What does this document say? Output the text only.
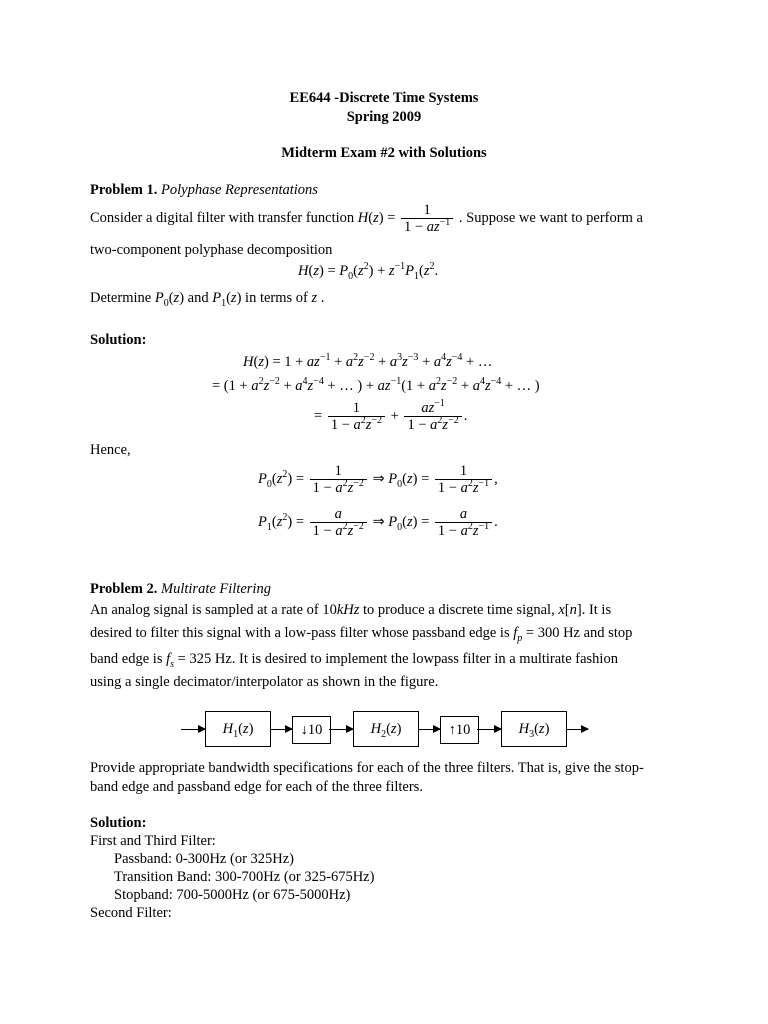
EE644 -Discrete Time Systems
Spring 2009
Midterm Exam #2 with Solutions
Problem 1. Polyphase Representations
Consider a digital filter with transfer function $H(z) = \frac{1}{1 - az^{-1}}$ . Suppose we want to perform a
two-component polyphase decomposition
$H(z) = P_0(z^2) + z^{-1}P_1(z^2$.
Determine $P_0(z)$ and $P_1(z)$ in terms of z .
Solution:
$H(z) = 1 + az^{-1} + a^2z^{-2} + a^3z^{-3} + a^4z^{-4}$ + …
= ($1 + a^2z^{-2} + a^4z^{-4}$ + … ) + $az^{-1}(1 + a^2z^{-2} + a^4z^{-4}$ + … )
= $\frac{1}{1 - a^2z^{-2}} + \frac{az^{-1}}{1 - a^2z^{-2}}$ .
Hence,
$P_0(z^2) = \frac{1}{1 - a^2z^{-2}}$ ⇒ $P_0(z) = \frac{1}{1 - a^2z^{-1}}$ ,
$P_1(z^2) = \frac{a}{1 - a^2z^{-2}}$ ⇒ $P_0(z) = \frac{a}{1 - a^2z^{-1}}$ .
Problem 2. Multirate Filtering
An analog signal is sampled at a rate of 10kHz to produce a discrete time signal, x[n]. It is
desired to filter this signal with a low-pass filter whose passband edge is $f_p = 300$ Hz and stop
band edge is $f_s = 325$ Hz. It is desired to implement the lowpass filter in a multirate fashion
using a single decimator/interpolator as shown in the figure.
$H_1(z)$	↓10	$H_2(z)$	↑10	$H_3(z)$
Provide appropriate bandwidth specifications for each of the three filters. That is, give the stop-
band edge and passband edge for each of the three filters.
Solution:
First and Third Filter:
Passband: 0-300Hz (or 325Hz)
Transition Band: 300-700Hz (or 325-675Hz)
Stopband: 700-5000Hz (or 675-5000Hz)
Second Filter:
